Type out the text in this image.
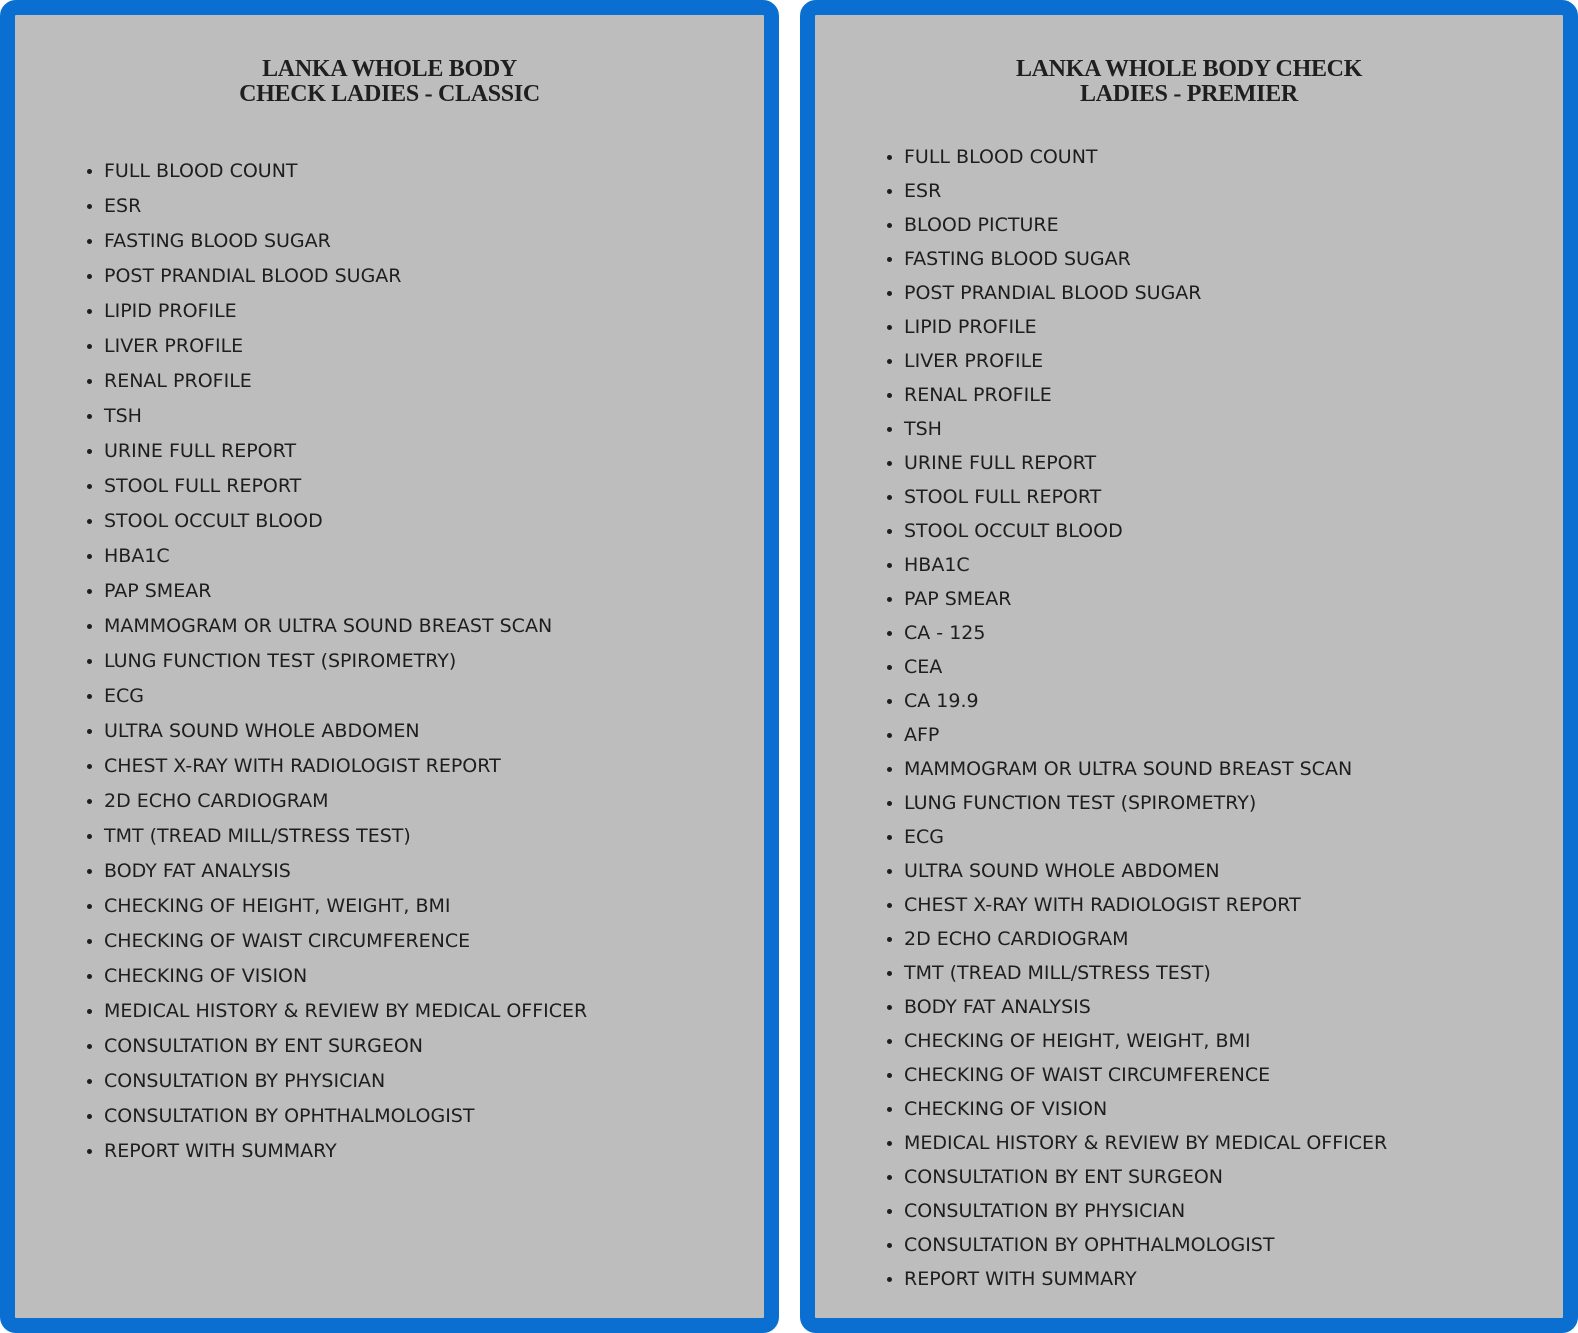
LANKA WHOLE BODY
CHECK LADIES - CLASSIC
FULL BLOOD COUNT
ESR
FASTING BLOOD SUGAR
POST PRANDIAL BLOOD SUGAR
LIPID PROFILE
LIVER PROFILE
RENAL PROFILE
TSH
URINE FULL REPORT
STOOL FULL REPORT
STOOL OCCULT BLOOD
HBA1C
PAP SMEAR
MAMMOGRAM OR ULTRA SOUND BREAST SCAN
LUNG FUNCTION TEST (SPIROMETRY)
ECG
ULTRA SOUND WHOLE ABDOMEN
CHEST X-RAY WITH RADIOLOGIST REPORT
2D ECHO CARDIOGRAM
TMT (TREAD MILL/STRESS TEST)
BODY FAT ANALYSIS
CHECKING OF HEIGHT, WEIGHT, BMI
CHECKING OF WAIST CIRCUMFERENCE
CHECKING OF VISION
MEDICAL HISTORY & REVIEW BY MEDICAL OFFICER
CONSULTATION BY ENT SURGEON
CONSULTATION BY PHYSICIAN
CONSULTATION BY OPHTHALMOLOGIST
REPORT WITH SUMMARY
LANKA WHOLE BODY CHECK
LADIES - PREMIER
FULL BLOOD COUNT
ESR
BLOOD PICTURE
FASTING BLOOD SUGAR
POST PRANDIAL BLOOD SUGAR
LIPID PROFILE
LIVER PROFILE
RENAL PROFILE
TSH
URINE FULL REPORT
STOOL FULL REPORT
STOOL OCCULT BLOOD
HBA1C
PAP SMEAR
CA - 125
CEA
CA 19.9
AFP
MAMMOGRAM OR ULTRA SOUND BREAST SCAN
LUNG FUNCTION TEST (SPIROMETRY)
ECG
ULTRA SOUND WHOLE ABDOMEN
CHEST X-RAY WITH RADIOLOGIST REPORT
2D ECHO CARDIOGRAM
TMT (TREAD MILL/STRESS TEST)
BODY FAT ANALYSIS
CHECKING OF HEIGHT, WEIGHT, BMI
CHECKING OF WAIST CIRCUMFERENCE
CHECKING OF VISION
MEDICAL HISTORY & REVIEW BY MEDICAL OFFICER
CONSULTATION BY ENT SURGEON
CONSULTATION BY PHYSICIAN
CONSULTATION BY OPHTHALMOLOGIST
REPORT WITH SUMMARY
